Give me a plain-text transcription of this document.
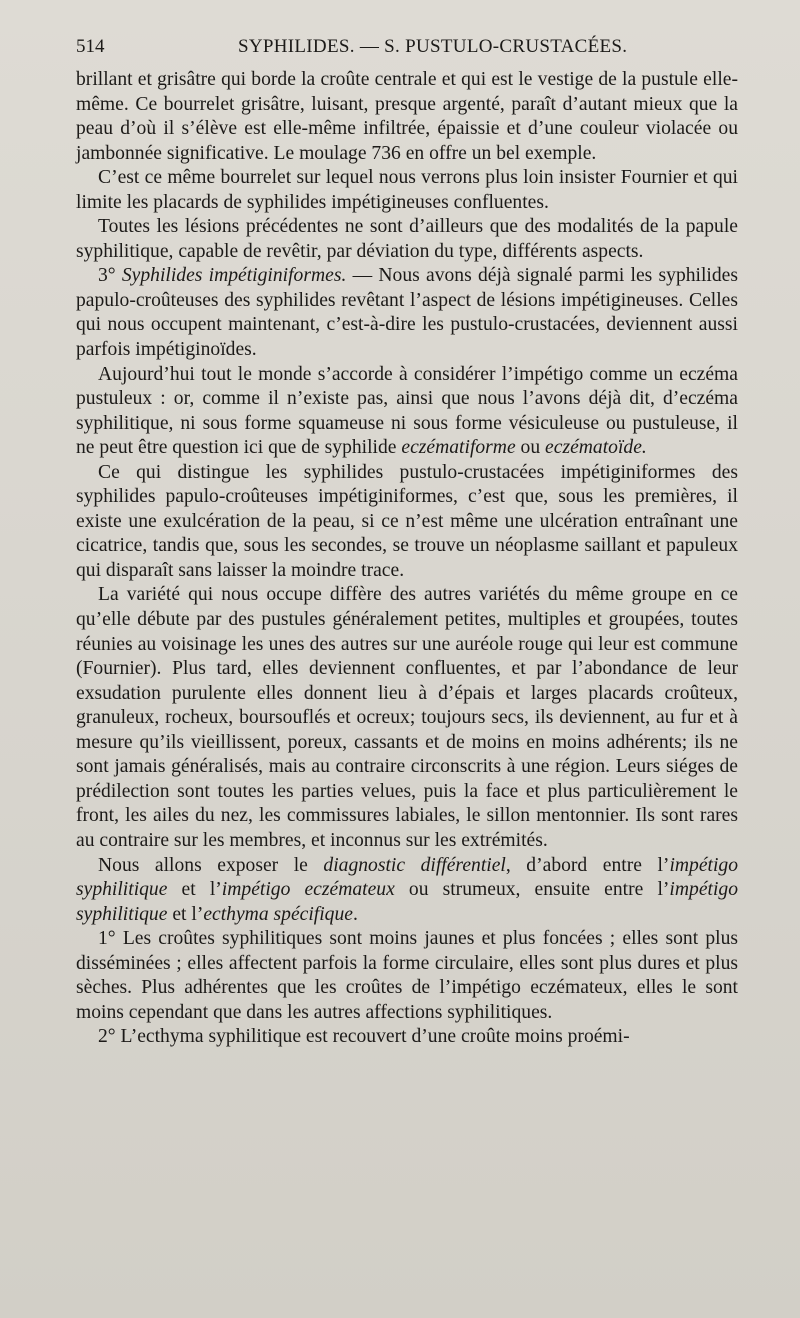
514	SYPHILIDES. — S. PUSTULO-CRUSTACÉES.

brillant et grisâtre qui borde la croûte centrale et qui est le vestige de la pustule elle-même. Ce bourrelet grisâtre, luisant, presque argenté, paraît d’autant mieux que la peau d’où il s’élève est elle-même infiltrée, épaissie et d’une couleur violacée ou jambonnée significative. Le moulage 736 en offre un bel exemple.

C’est ce même bourrelet sur lequel nous verrons plus loin insister Fournier et qui limite les placards de syphilides impétigineuses confluentes.

Toutes les lésions précédentes ne sont d’ailleurs que des modalités de la papule syphilitique, capable de revêtir, par déviation du type, différents aspects.

3° Syphilides impétiginiformes. — Nous avons déjà signalé parmi les syphilides papulo-croûteuses des syphilides revêtant l’aspect de lésions impétigineuses. Celles qui nous occupent maintenant, c’est-à-dire les pustulo-crustacées, deviennent aussi parfois impétiginoïdes.

Aujourd’hui tout le monde s’accorde à considérer l’impétigo comme un eczéma pustuleux : or, comme il n’existe pas, ainsi que nous l’avons déjà dit, d’eczéma syphilitique, ni sous forme squameuse ni sous forme vésiculeuse ou pustuleuse, il ne peut être question ici que de syphilide eczématiforme ou eczématoïde.

Ce qui distingue les syphilides pustulo-crustacées impétiginiformes des syphilides papulo-croûteuses impétiginiformes, c’est que, sous les premières, il existe une exulcération de la peau, si ce n’est même une ulcération entraînant une cicatrice, tandis que, sous les secondes, se trouve un néoplasme saillant et papuleux qui disparaît sans laisser la moindre trace.

La variété qui nous occupe diffère des autres variétés du même groupe en ce qu’elle débute par des pustules généralement petites, multiples et groupées, toutes réunies au voisinage les unes des autres sur une auréole rouge qui leur est commune (Fournier). Plus tard, elles deviennent confluentes, et par l’abondance de leur exsudation purulente elles donnent lieu à d’épais et larges placards croûteux, granuleux, rocheux, boursouflés et ocreux; toujours secs, ils deviennent, au fur et à mesure qu’ils vieillissent, poreux, cassants et de moins en moins adhérents; ils ne sont jamais généralisés, mais au contraire circonscrits à une région. Leurs siéges de prédilection sont toutes les parties velues, puis la face et plus particulièrement le front, les ailes du nez, les commissures labiales, le sillon mentonnier. Ils sont rares au contraire sur les membres, et inconnus sur les extrémités.

Nous allons exposer le diagnostic différentiel, d’abord entre l’impétigo syphilitique et l’impétigo eczémateux ou strumeux, ensuite entre l’impétigo syphilitique et l’ecthyma spécifique.

1° Les croûtes syphilitiques sont moins jaunes et plus foncées ; elles sont plus disséminées ; elles affectent parfois la forme circulaire, elles sont plus dures et plus sèches. Plus adhérentes que les croûtes de l’impétigo eczémateux, elles le sont moins cependant que dans les autres affections syphilitiques.

2° L’ecthyma syphilitique est recouvert d’une croûte moins proémi-
